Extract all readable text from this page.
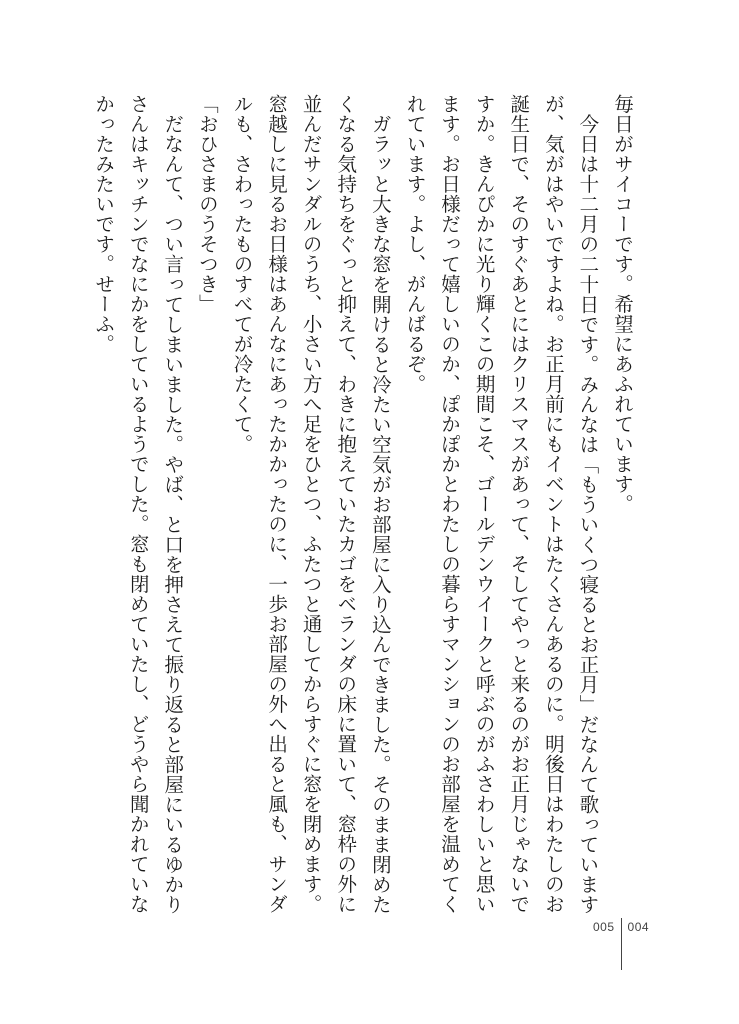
毎日がサイコーです。希望にあふれています。

今日は十二月の二十日です。みんなは「もういくつ寝るとお正月」だなんて歌っていますが、気がはやいですよね。お正月前にもイベントはたくさんあるのに。明後日はわたしのお誕生日で、そのすぐあとにはクリスマスがあって、そしてやっと来るのがお正月じゃないですか。きんぴかに光り輝くこの期間こそ、ゴールデンウイークと呼ぶのがふさわしいと思います。お日様だって嬉しいのか、ぽかぽかとわたしの暮らすマンションのお部屋を温めてくれています。よし、がんばるぞ。

ガラッと大きな窓を開けると冷たい空気がお部屋に入り込んできました。そのまま閉めたくなる気持ちをぐっと抑えて、わきに抱えていたカゴをベランダの床に置いて、窓枠の外に並んだサンダルのうち、小さい方へ足をひとつ、ふたつと通してからすぐに窓を閉めます。窓越しに見るお日様はあんなにあったかかったのに、一歩お部屋の外へ出ると風も、サンダルも、さわったものすべてが冷たくて。

「おひさまのうそつき」

だなんて、つい言ってしまいました。やば、と口を押さえて振り返ると部屋にいるゆかりさんはキッチンでなにかをしているようでした。窓も閉めていたし、どうやら聞かれていなかったみたいです。せーふ。

005 004
